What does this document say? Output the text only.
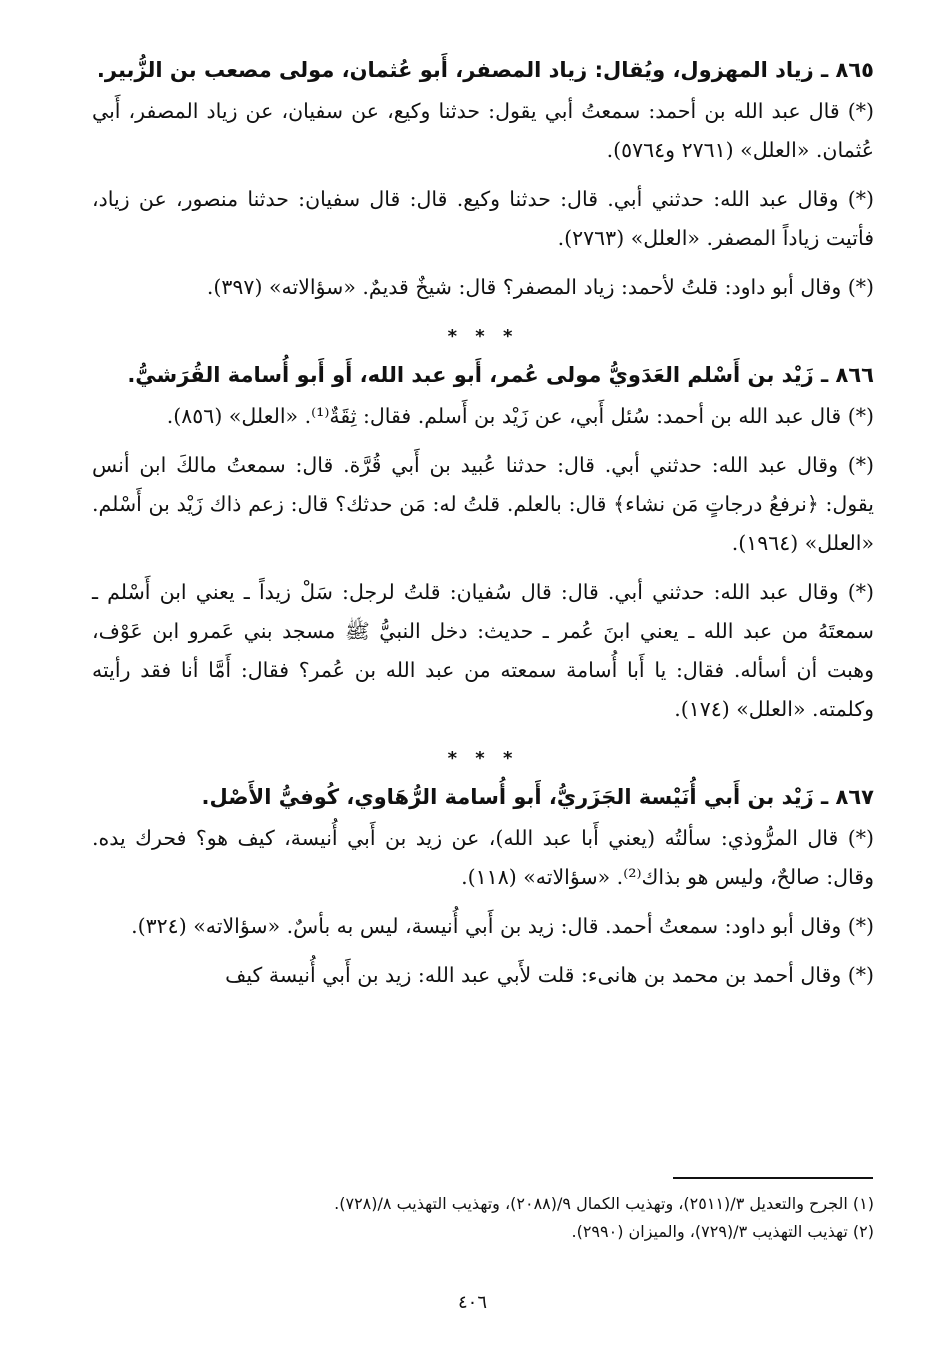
٨٦٥ ـ زياد المهزول، ويُقال: زياد المصفر، أَبو عُثمان، مولى مصعب بن الزُّبير.

(*) قال عبد الله بن أحمد: سمعتُ أبي يقول: حدثنا وكيع، عن سفيان، عن زياد المصفر، أَبي عُثمان. «العلل» (٢٧٦١ و٥٧٦٤).

(*) وقال عبد الله: حدثني أبي. قال: حدثنا وكيع. قال: قال سفيان: حدثنا منصور، عن زياد، فأتيت زياداً المصفر. «العلل» (٢٧٦٣).

(*) وقال أبو داود: قلتُ لأحمد: زياد المصفر؟ قال: شيخٌ قديمٌ. «سؤالاته» (٣٩٧).

* * *
٨٦٦ ـ زَيْد بن أَسْلم العَدَويُّ مولى عُمر، أَبو عبد الله، أَو أَبو أُسامة القُرَشيُّ.

(*) قال عبد الله بن أحمد: سُئل أَبي، عن زَيْد بن أَسلم. فقال: ثِقَةٌ⁽¹⁾. «العلل» (٨٥٦).

(*) وقال عبد الله: حدثني أبي. قال: حدثنا عُبيد بن أَبي قُرَّة. قال: سمعتُ مالكَ ابن أنس يقول: ﴿نرفعُ درجاتٍ مَن نشاء﴾ قال: بالعلم. قلتُ له: مَن حدثك؟ قال: زعم ذاك زَيْد بن أَسْلم. «العلل» (١٩٦٤).

(*) وقال عبد الله: حدثني أبي. قال: قال سُفيان: قلتُ لرجل: سَلْ زيداً ـ يعني ابن أَسْلم ـ سمعتَهُ من عبد الله ـ يعني ابنَ عُمر ـ حديث: دخل النبيُّ ﷺ مسجد بني عَمرو ابن عَوْف، وهبت أن أسأله. فقال: يا أَبا أُسامة سمعته من عبد الله بن عُمر؟ فقال: أَمَّا أنا فقد رأيته وكلمته. «العلل» (١٧٤).

* * *
٨٦٧ ـ زَيْد بن أَبي أُنَيْسة الجَزَريُّ، أَبو أُسامة الرُّهَاوي، كُوفيُّ الأَصْل.

(*) قال المرُّوذي: سألتُه (يعني أَبا عبد الله)، عن زيد بن أَبي أُنيسة، كيف هو؟ فحرك يده. وقال: صالحٌ، وليس هو بذاك⁽²⁾. «سؤالاته» (١١٨).

(*) وقال أبو داود: سمعتُ أحمد. قال: زيد بن أَبي أُنيسة، ليس به بأسٌ. «سؤالاته» (٣٢٤).

(*) وقال أحمد بن محمد بن هانىء: قلت لأَبي عبد الله: زيد بن أَبي أُنيسة كيف

(١) الجرح والتعديل ٣/(٢٥١١)، وتهذيب الكمال ٩/(٢٠٨٨)، وتهذيب التهذيب ٨/(٧٢٨).
(٢) تهذيب التهذيب ٣/(٧٢٩)، والميزان (٢٩٩٠).
٤٠٦
